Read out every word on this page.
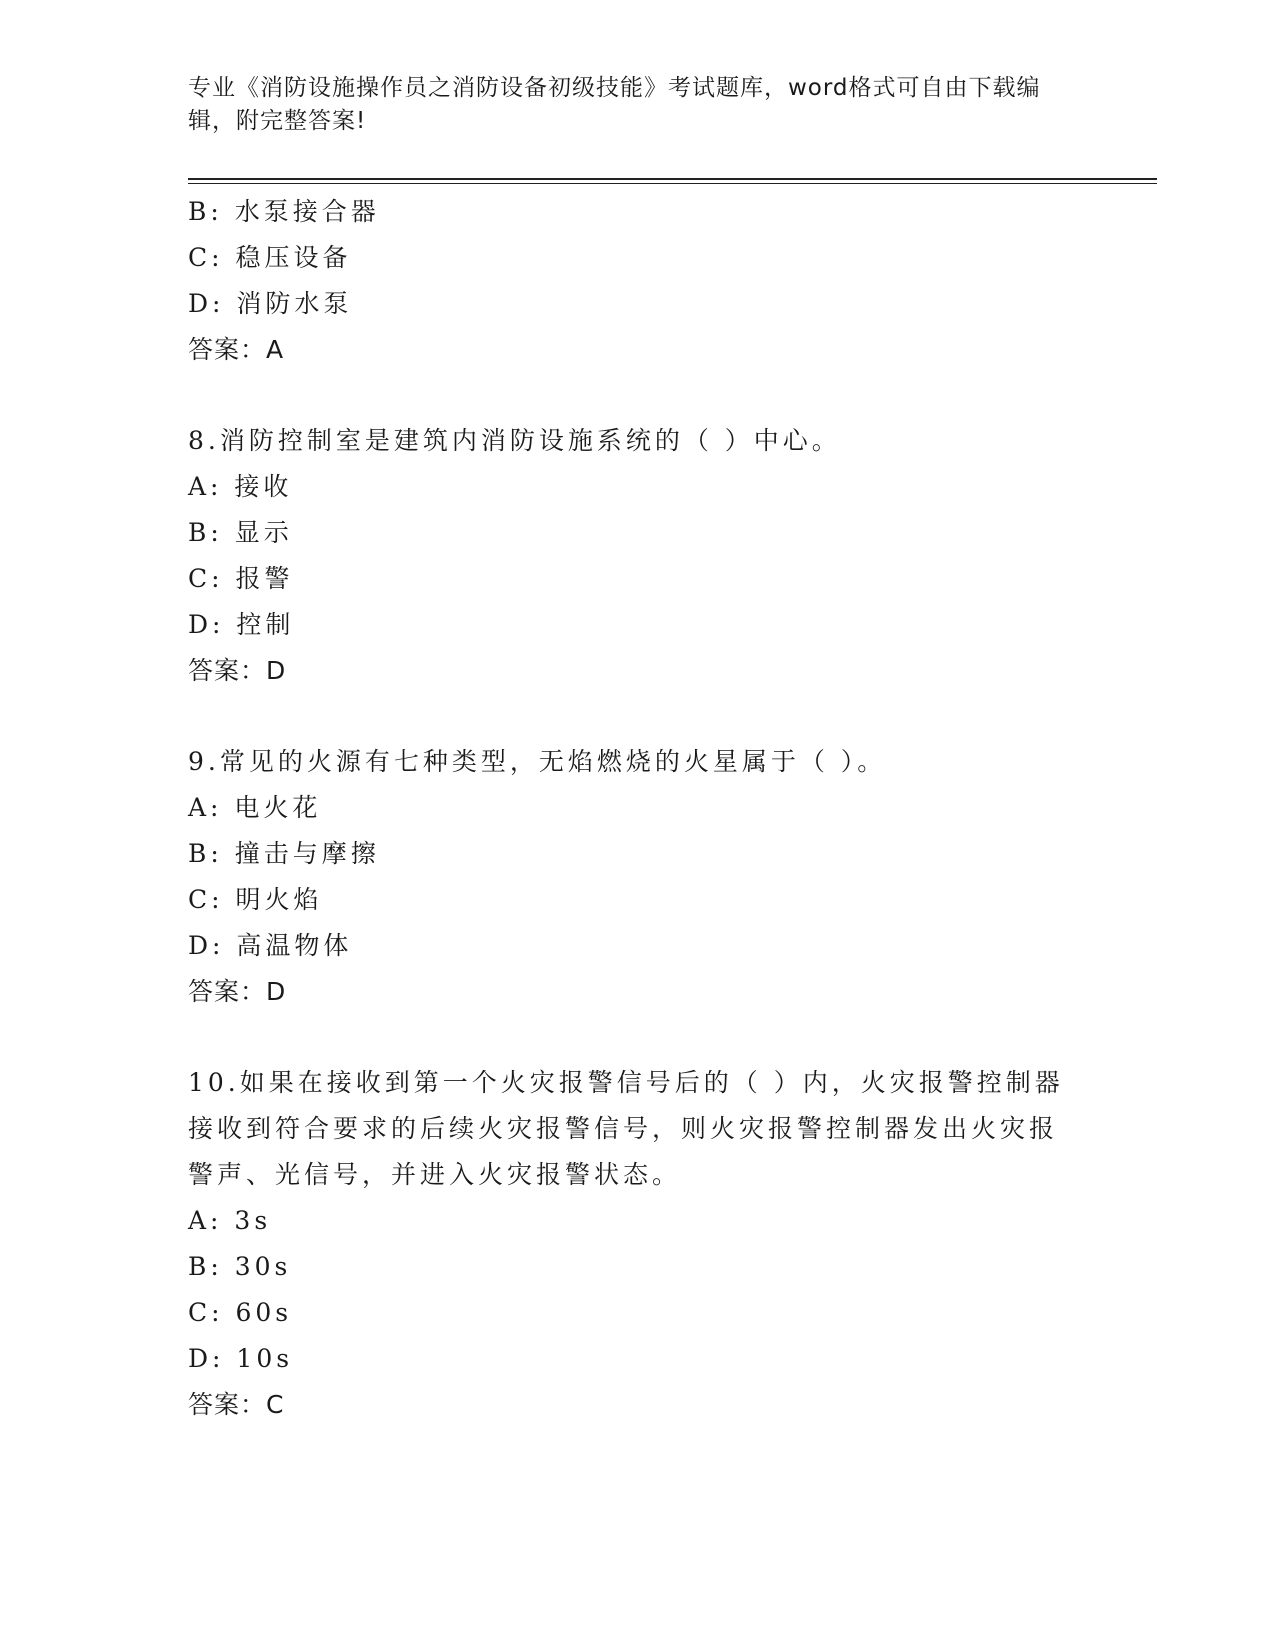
专业《消防设施操作员之消防设备初级技能》考试题库，word格式可自由下载编辑，附完整答案!
B: 水泵接合器
C: 稳压设备
D: 消防水泵
答案：A
8.消防控制室是建筑内消防设施系统的（ ）中心。
A: 接收
B: 显示
C: 报警
D: 控制
答案：D
9.常见的火源有七种类型，无焰燃烧的火星属于（ ）。
A: 电火花
B: 撞击与摩擦
C: 明火焰
D: 高温物体
答案：D
10.如果在接收到第一个火灾报警信号后的（ ）内，火灾报警控制器
接收到符合要求的后续火灾报警信号，则火灾报警控制器发出火灾报
警声、光信号，并进入火灾报警状态。
A: 3s
B: 30s
C: 60s
D: 10s
答案：C
